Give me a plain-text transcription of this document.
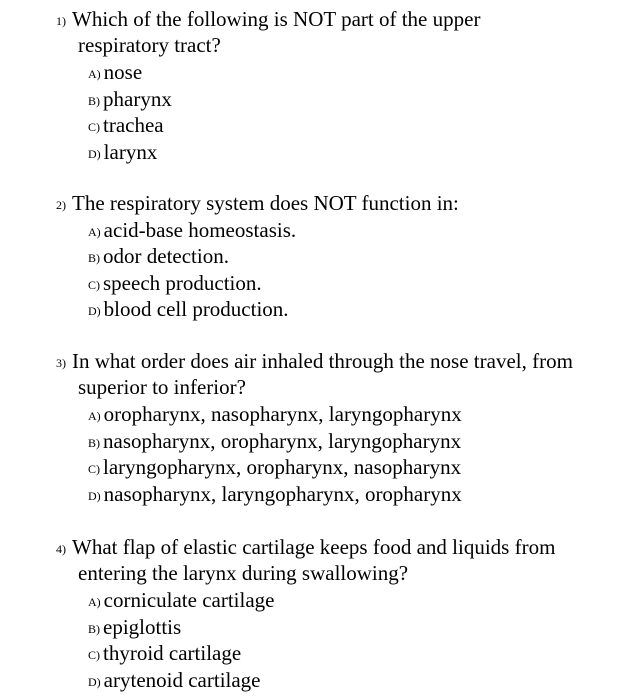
1) Which of the following is NOT part of the upper
respiratory tract?
A) nose
B) pharynx
C) trachea
D) larynx
2) The respiratory system does NOT function in:
A) acid-base homeostasis.
B) odor detection.
C) speech production.
D) blood cell production.
3) In what order does air inhaled through the nose travel, from
superior to inferior?
A) oropharynx, nasopharynx, laryngopharynx
B) nasopharynx, oropharynx, laryngopharynx
C) laryngopharynx, oropharynx, nasopharynx
D) nasopharynx, laryngopharynx, oropharynx
4) What flap of elastic cartilage keeps food and liquids from
entering the larynx during swallowing?
A) corniculate cartilage
B) epiglottis
C) thyroid cartilage
D) arytenoid cartilage
